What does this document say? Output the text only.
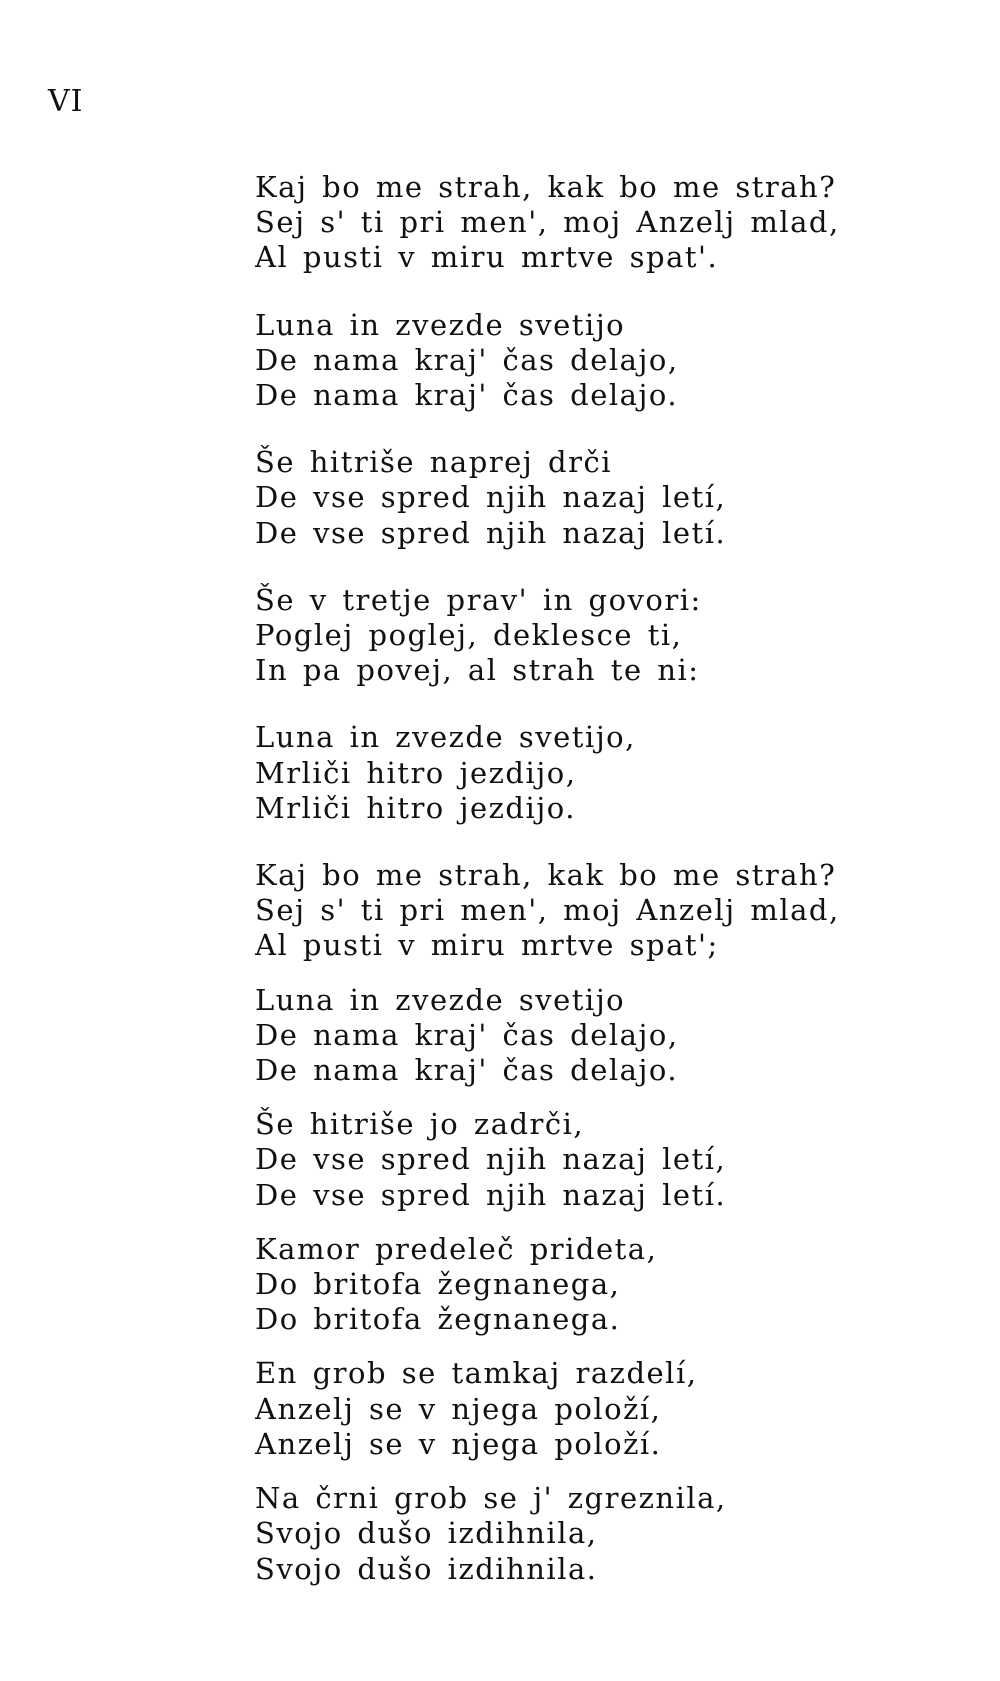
VI
Kaj bo me strah, kak bo me strah?
Sej s' ti pri men', moj Anzelj mlad,
Al pusti v miru mrtve spat'.
Luna in zvezde svetijo
De nama kraj' čas delajo,
De nama kraj' čas delajo.
Še hitriše naprej drči
De vse spred njih nazaj letí,
De vse spred njih nazaj letí.
Še v tretje prav' in govori:
Poglej poglej, deklesce ti,
In pa povej, al strah te ni:
Luna in zvezde svetijo,
Mrliči hitro jezdijo,
Mrliči hitro jezdijo.
Kaj bo me strah, kak bo me strah?
Sej s' ti pri men', moj Anzelj mlad,
Al pusti v miru mrtve spat';
Luna in zvezde svetijo
De nama kraj' čas delajo,
De nama kraj' čas delajo.
Še hitriše jo zadrči,
De vse spred njih nazaj letí,
De vse spred njih nazaj letí.
Kamor predeleč prideta,
Do britofa žegnanega,
Do britofa žegnanega.
En grob se tamkaj razdelí,
Anzelj se v njega položí,
Anzelj se v njega položí.
Na črni grob se j' zgreznila,
Svojo dušo izdihnila,
Svojo dušo izdihnila.
